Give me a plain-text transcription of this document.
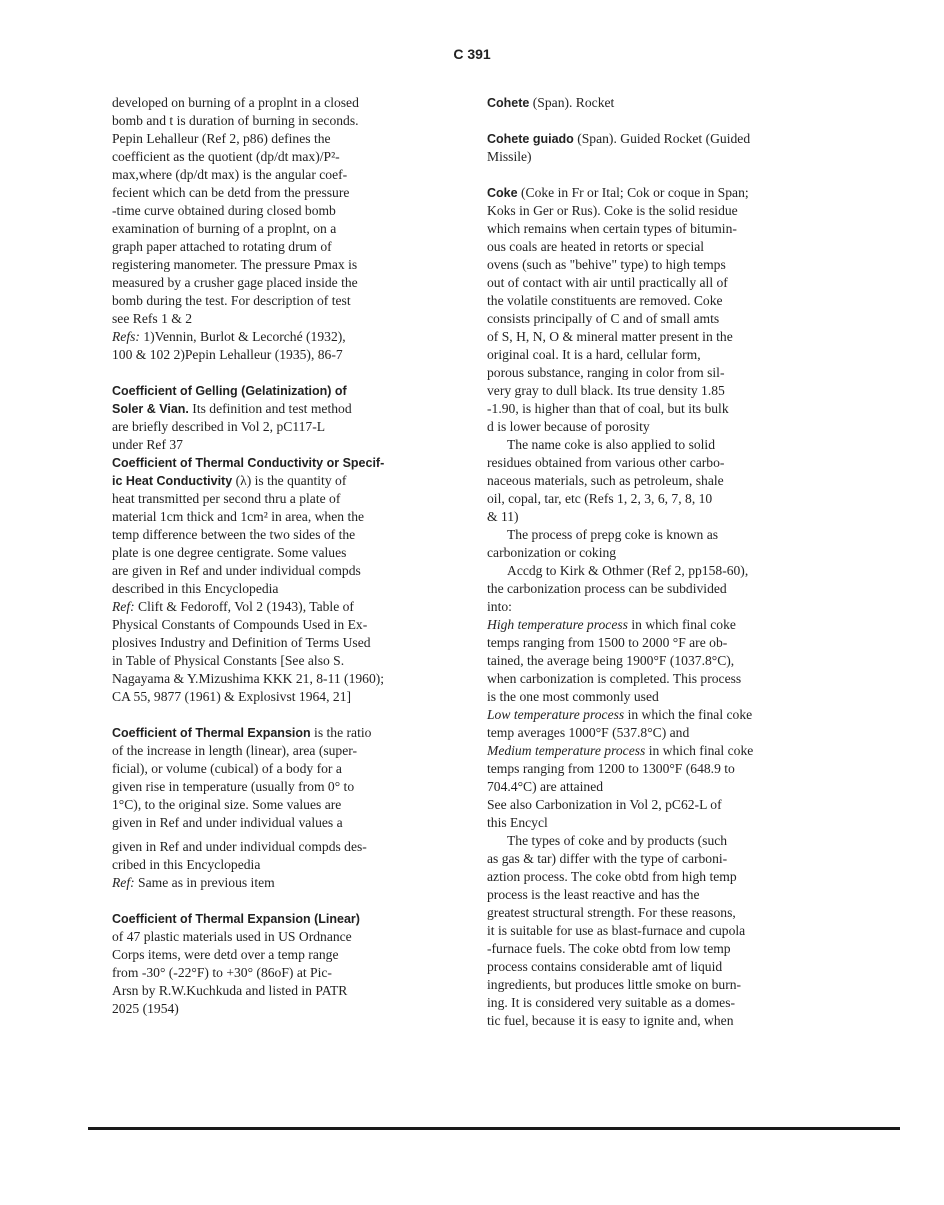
C 391
developed on burning of a proplnt in a closed
bomb and t is duration of burning in seconds.
Pepin Lehalleur (Ref 2, p86) defines the
coefficient as the quotient (dp/dt max)/P²-
max,where (dp/dt max) is the angular coef-
fecient which can be detd from the pressure
-time curve obtained during closed bomb
examination of burning of a proplnt, on a
graph paper attached to rotating drum of
registering manometer. The pressure Pmax is
measured by a crusher gage placed inside the
bomb during the test. For description of test
see Refs 1 & 2
Refs: 1)Vennin, Burlot & Lecorché (1932),
100 & 102 2)Pepin Lehalleur (1935), 86-7
Coefficient of Gelling (Gelatinization) of
Soler & Vian. Its definition and test method
are briefly described in Vol 2, pC117-L
under Ref 37
Coefficient of Thermal Conductivity or Specif-
ic Heat Conductivity (λ) is the quantity of
heat transmitted per second thru a plate of
material 1cm thick and 1cm² in area, when the
temp difference between the two sides of the
plate is one degree centigrate. Some values
are given in Ref and under individual compds
described in this Encyclopedia
Ref: Clift & Fedoroff, Vol 2 (1943), Table of
Physical Constants of Compounds Used in Ex-
plosives Industry and Definition of Terms Used
in Table of Physical Constants [See also S.
Nagayama & Y.Mizushima KKK 21, 8-11 (1960);
CA 55, 9877 (1961) & Explosivst 1964, 21]
Coefficient of Thermal Expansion is the ratio
of the increase in length (linear), area (super-
ficial), or volume (cubical) of a body for a
given rise in temperature (usually from 0° to
1°C), to the original size. Some values are
given in Ref and under individual values a
given in Ref and under individual compds des-
cribed in this Encyclopedia
Ref: Same as in previous item
Coefficient of Thermal Expansion (Linear)
of 47 plastic materials used in US Ordnance
Corps items, were detd over a temp range
from -30° (-22°F) to +30° (86oF) at Pic-
Arsn by R.W.Kuchkuda and listed in PATR
2025 (1954)
Cohete (Span). Rocket
Cohete guiado (Span). Guided Rocket (Guided
Missile)
Coke (Coke in Fr or Ital; Cok or coque in Span;
Koks in Ger or Rus). Coke is the solid residue
which remains when certain types of bitumin-
ous coals are heated in retorts or special
ovens (such as "behive" type) to high temps
out of contact with air until practically all of
the volatile constituents are removed. Coke
consists principally of C and of small amts
of S, H, N, O & mineral matter present in the
original coal. It is a hard, cellular form,
porous substance, ranging in color from sil-
very gray to dull black. Its true density 1.85
-1.90, is higher than that of coal, but its bulk
d is lower because of porosity
The name coke is also applied to solid
residues obtained from various other carbo-
naceous materials, such as petroleum, shale
oil, copal, tar, etc (Refs 1, 2, 3, 6, 7, 8, 10
& 11)
The process of prepg coke is known as
carbonization or coking
Accdg to Kirk & Othmer (Ref 2, pp158-60),
the carbonization process can be subdivided
into:
High temperature process in which final coke
temps ranging from 1500 to 2000 °F are ob-
tained, the average being 1900°F (1037.8°C),
when carbonization is completed. This process
is the one most commonly used
Low temperature process in which the final coke
temp averages 1000°F (537.8°C) and
Medium temperature process in which final coke
temps ranging from 1200 to 1300°F (648.9 to
704.4°C) are attained
See also Carbonization in Vol 2, pC62-L of
this Encycl
The types of coke and by products (such
as gas & tar) differ with the type of carboni-
aztion process. The coke obtd from high temp
process is the least reactive and has the
greatest structural strength. For these reasons,
it is suitable for use as blast-furnace and cupola
-furnace fuels. The coke obtd from low temp
process contains considerable amt of liquid
ingredients, but produces little smoke on burn-
ing. It is considered very suitable as a domes-
tic fuel, because it is easy to ignite and, when
